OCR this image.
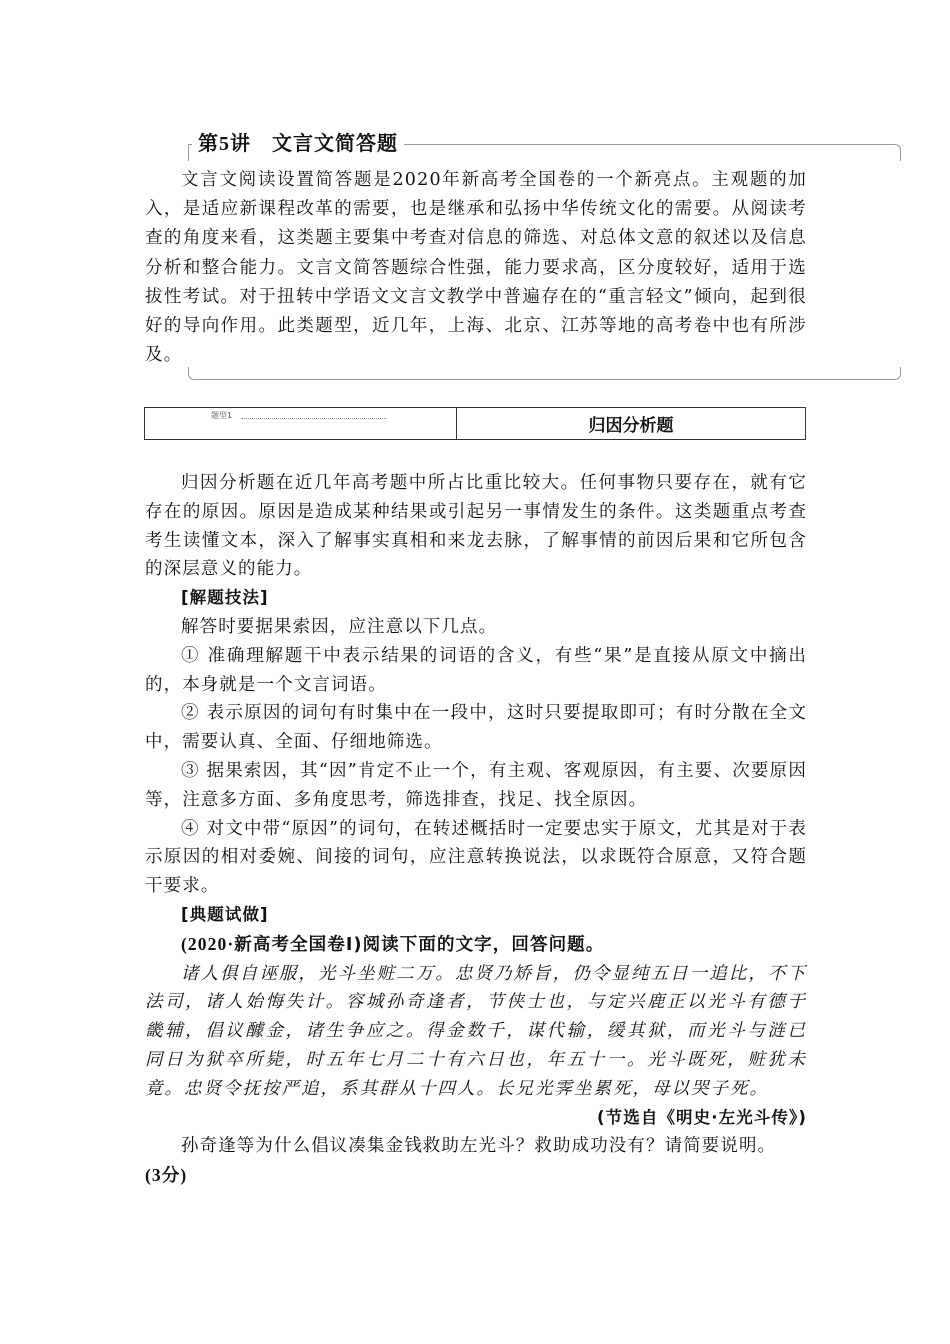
第5讲　文言文简答题

文言文阅读设置简答题是2020年新高考全国卷的一个新亮点。主观题的加入，是适应新课程改革的需要，也是继承和弘扬中华传统文化的需要。从阅读考查的角度来看，这类题主要集中考查对信息的筛选、对总体文意的叙述以及信息分析和整合能力。文言文简答题综合性强，能力要求高，区分度较好，适用于选拔性考试。对于扭转中学语文文言文教学中普遍存在的“重言轻文”倾向，起到很好的导向作用。此类题型，近几年，上海、北京、江苏等地的高考卷中也有所涉及。

题型1
归因分析题

归因分析题在近几年高考题中所占比重比较大。任何事物只要存在，就有它存在的原因。原因是造成某种结果或引起另一事情发生的条件。这类题重点考查考生读懂文本，深入了解事实真相和来龙去脉，了解事情的前因后果和它所包含的深层意义的能力。

[解题技法]

解答时要据果索因，应注意以下几点。

① 准确理解题干中表示结果的词语的含义，有些“果”是直接从原文中摘出的，本身就是一个文言词语。

② 表示原因的词句有时集中在一段中，这时只要提取即可；有时分散在全文中，需要认真、全面、仔细地筛选。

③ 据果索因，其“因”肯定不止一个，有主观、客观原因，有主要、次要原因等，注意多方面、多角度思考，筛选排查，找足、找全原因。

④ 对文中带“原因”的词句，在转述概括时一定要忠实于原文，尤其是对于表示原因的相对委婉、间接的词句，应注意转换说法，以求既符合原意，又符合题干要求。

[典题试做]

(2020·新高考全国卷Ⅰ)阅读下面的文字，回答问题。

诸人俱自诬服，光斗坐赃二万。忠贤乃矫旨，仍令显纯五日一追比，不下法司，诸人始悔失计。容城孙奇逢者，节侠士也，与定兴鹿正以光斗有德于畿辅，倡议醵金，诸生争应之。得金数千，谋代输，缓其狱，而光斗与涟已同日为狱卒所毙，时五年七月二十有六日也，年五十一。光斗既死，赃犹未竟。忠贤令抚按严追，系其群从十四人。长兄光霁坐累死，母以哭子死。

(节选自《明史·左光斗传》)

孙奇逢等为什么倡议凑集金钱救助左光斗？救助成功没有？请简要说明。
(3分)
